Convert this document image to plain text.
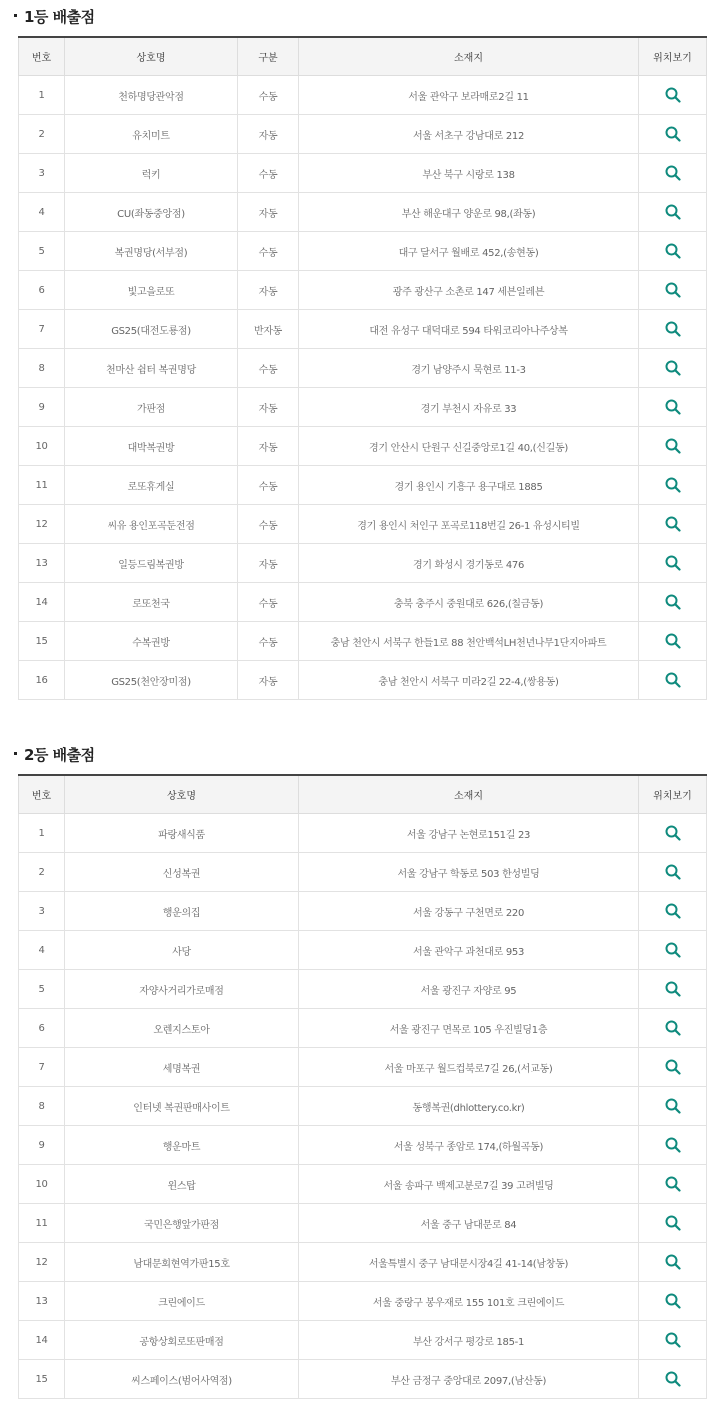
1등 배출점
번호	상호명	구분	소재지	위치보기
1	천하명당관악점	수동	서울 관악구 보라매로2길 11	
2	유치미트	자동	서울 서초구 강남대로 212	
3	럭키	수동	부산 북구 시랑로 138	
4	CU(좌동중앙점)	자동	부산 해운대구 양운로 98,(좌동)	
5	복권명당(서부점)	수동	대구 달서구 월배로 452,(송현동)	
6	빛고을로또	자동	광주 광산구 소촌로 147 세븐일레븐	
7	GS25(대전도룡점)	반자동	대전 유성구 대덕대로 594 타워코리아나주상복	
8	천마산 쉼터 복권명당	수동	경기 남양주시 묵현로 11-3	
9	가판점	자동	경기 부천시 자유로 33	
10	대박복권방	자동	경기 안산시 단원구 신길중앙로1길 40,(신길동)	
11	로또휴게실	수동	경기 용인시 기흥구 용구대로 1885	
12	씨유 용인포곡둔전점	수동	경기 용인시 처인구 포곡로118번길 26-1 유성시티빌	
13	일등드림복권방	자동	경기 화성시 경기동로 476	
14	로또천국	수동	충북 충주시 중원대로 626,(칠금동)	
15	수복권방	수동	충남 천안시 서북구 한들1로 88 천안백석LH천년나무1단지아파트	
16	GS25(천안장미점)	자동	충남 천안시 서북구 미라2길 22-4,(쌍용동)	
2등 배출점
번호	상호명	소재지	위치보기
1	파랑새식품	서울 강남구 논현로151길 23	
2	신성복권	서울 강남구 학동로 503 한성빌딩	
3	행운의집	서울 강동구 구천면로 220	
4	사당	서울 관악구 과천대로 953	
5	자양사거리가로매점	서울 광진구 자양로 95	
6	오렌지스토아	서울 광진구 면목로 105 우진빌딩1층	
7	세명복권	서울 마포구 월드컵북로7길 26,(서교동)	
8	인터넷 복권판매사이트	동행복권(dhlottery.co.kr)	
9	행운마트	서울 성북구 종암로 174,(하월곡동)	
10	윈스탑	서울 송파구 백제고분로7길 39 고려빌딩	
11	국민은행앞가판점	서울 중구 남대문로 84	
12	남대문회현역가판15호	서울특별시 중구 남대문시장4길 41-14(남창동)	
13	크린에이드	서울 중랑구 봉우재로 155 101호 크린에이드	
14	공항상회로또판매점	부산 강서구 평강로 185-1	
15	씨스페이스(범어사역점)	부산 금정구 중앙대로 2097,(남산동)	
